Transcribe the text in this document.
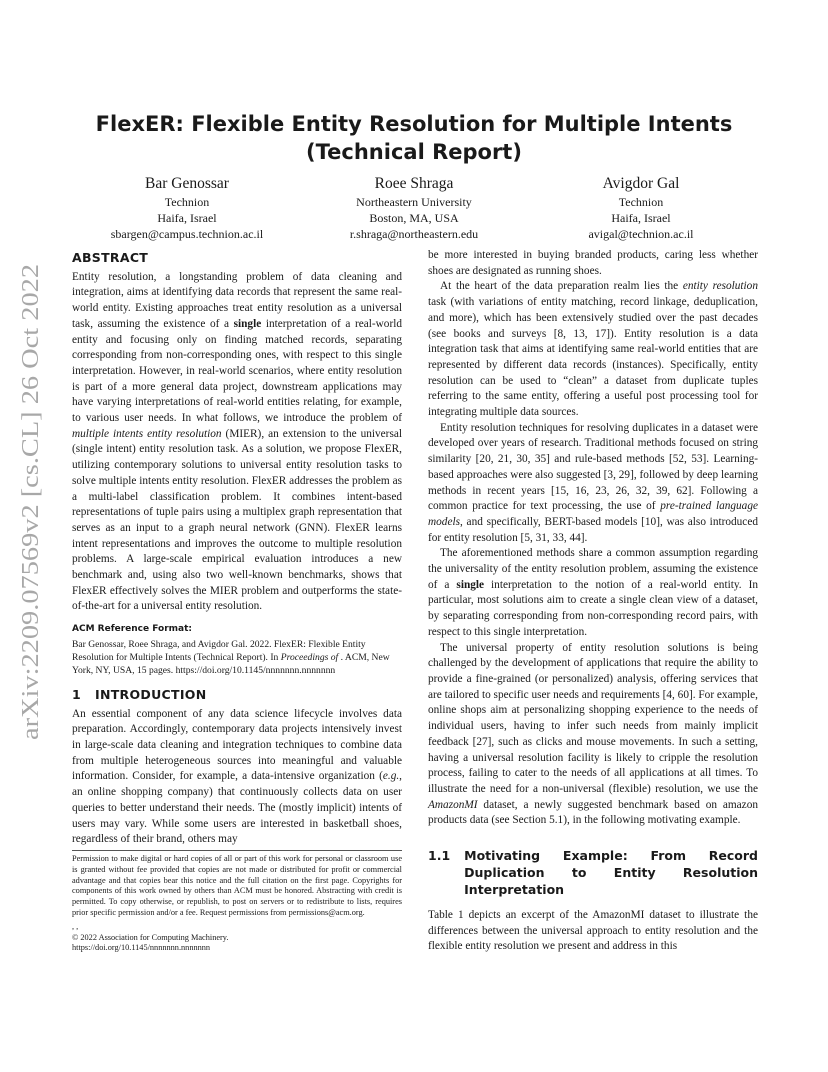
arXiv:2209.07569v2 [cs.CL] 26 Oct 2022
FlexER: Flexible Entity Resolution for Multiple Intents
(Technical Report)
Bar Genossar
Technion
Haifa, Israel
sbargen@campus.technion.ac.il
Roee Shraga
Northeastern University
Boston, MA, USA
r.shraga@northeastern.edu
Avigdor Gal
Technion
Haifa, Israel
avigal@technion.ac.il
ABSTRACT

Entity resolution, a longstanding problem of data cleaning and integration, aims at identifying data records that represent the same real-world entity. Existing approaches treat entity resolution as a universal task, assuming the existence of a single interpretation of a real-world entity and focusing only on finding matched records, separating corresponding from non-corresponding ones, with respect to this single interpretation. However, in real-world scenarios, where entity resolution is part of a more general data project, downstream applications may have varying interpretations of real-world entities relating, for example, to various user needs. In what follows, we introduce the problem of multiple intents entity resolution (MIER), an extension to the universal (single intent) entity resolution task. As a solution, we propose FlexER, utilizing contemporary solutions to universal entity resolution tasks to solve multiple intents entity resolution. FlexER addresses the problem as a multi-label classification problem. It combines intent-based representations of tuple pairs using a multiplex graph representation that serves as an input to a graph neural network (GNN). FlexER learns intent representations and improves the outcome to multiple resolution problems. A large-scale empirical evaluation introduces a new benchmark and, using also two well-known benchmarks, shows that FlexER effectively solves the MIER problem and outperforms the state-of-the-art for a universal entity resolution.

ACM Reference Format:

Bar Genossar, Roee Shraga, and Avigdor Gal. 2022. FlexER: Flexible Entity Resolution for Multiple Intents (Technical Report). In Proceedings of . ACM, New York, NY, USA, 15 pages. https://doi.org/10.1145/nnnnnnn.nnnnnnn

1 INTRODUCTION

An essential component of any data science lifecycle involves data preparation. Accordingly, contemporary data projects intensively invest in large-scale data cleaning and integration techniques to combine data from multiple heterogeneous sources into meaningful and valuable information. Consider, for example, a data-intensive organization (e.g., an online shopping company) that continuously collects data on user queries to better understand their needs. The (mostly implicit) intents of users may vary. While some users are interested in basketball shoes, regardless of their brand, others may

be more interested in buying branded products, caring less whether shoes are designated as running shoes.

At the heart of the data preparation realm lies the entity resolution task (with variations of entity matching, record linkage, deduplication, and more), which has been extensively studied over the past decades (see books and surveys [8, 13, 17]). Entity resolution is a data integration task that aims at identifying same real-world entities that are represented by different data records (instances). Specifically, entity resolution can be used to “clean” a dataset from duplicate tuples referring to the same entity, offering a useful post processing tool for integrating multiple data sources.

Entity resolution techniques for resolving duplicates in a dataset were developed over years of research. Traditional methods focused on string similarity [20, 21, 30, 35] and rule-based methods [52, 53]. Learning-based approaches were also suggested [3, 29], followed by deep learning methods in recent years [15, 16, 23, 26, 32, 39, 62]. Following a common practice for text processing, the use of pre-trained language models, and specifically, BERT-based models [10], was also introduced for entity resolution [5, 31, 33, 44].

The aforementioned methods share a common assumption regarding the universality of the entity resolution problem, assuming the existence of a single interpretation to the notion of a real-world entity. In particular, most solutions aim to create a single clean view of a dataset, by separating corresponding from non-corresponding record pairs, with respect to this single interpretation.

The universal property of entity resolution solutions is being challenged by the development of applications that require the ability to provide a fine-grained (or personalized) analysis, offering services that are tailored to specific user needs and requirements [4, 60]. For example, online shops aim at personalizing shopping experience to the needs of individual users, having to infer such needs from mainly implicit feedback [27], such as clicks and mouse movements. In such a setting, having a universal resolution facility is likely to cripple the resolution process, failing to cater to the needs of all applications at all times. To illustrate the need for a non-universal (flexible) resolution, we use the AmazonMI dataset, a newly suggested benchmark based on amazon products data (see Section 5.1), in the following motivating example.

1.1 Motivating Example: From Record Duplication to Entity Resolution Interpretation

Table 1 depicts an excerpt of the AmazonMI dataset to illustrate the differences between the universal approach to entity resolution and the flexible entity resolution we present and address in this

Permission to make digital or hard copies of all or part of this work for personal or classroom use is granted without fee provided that copies are not made or distributed for profit or commercial advantage and that copies bear this notice and the full citation on the first page. Copyrights for components of this work owned by others than ACM must be honored. Abstracting with credit is permitted. To copy otherwise, or republish, to post on servers or to redistribute to lists, requires prior specific permission and/or a fee. Request permissions from permissions@acm.org.

, ,

© 2022 Association for Computing Machinery.

https://doi.org/10.1145/nnnnnnn.nnnnnnn
